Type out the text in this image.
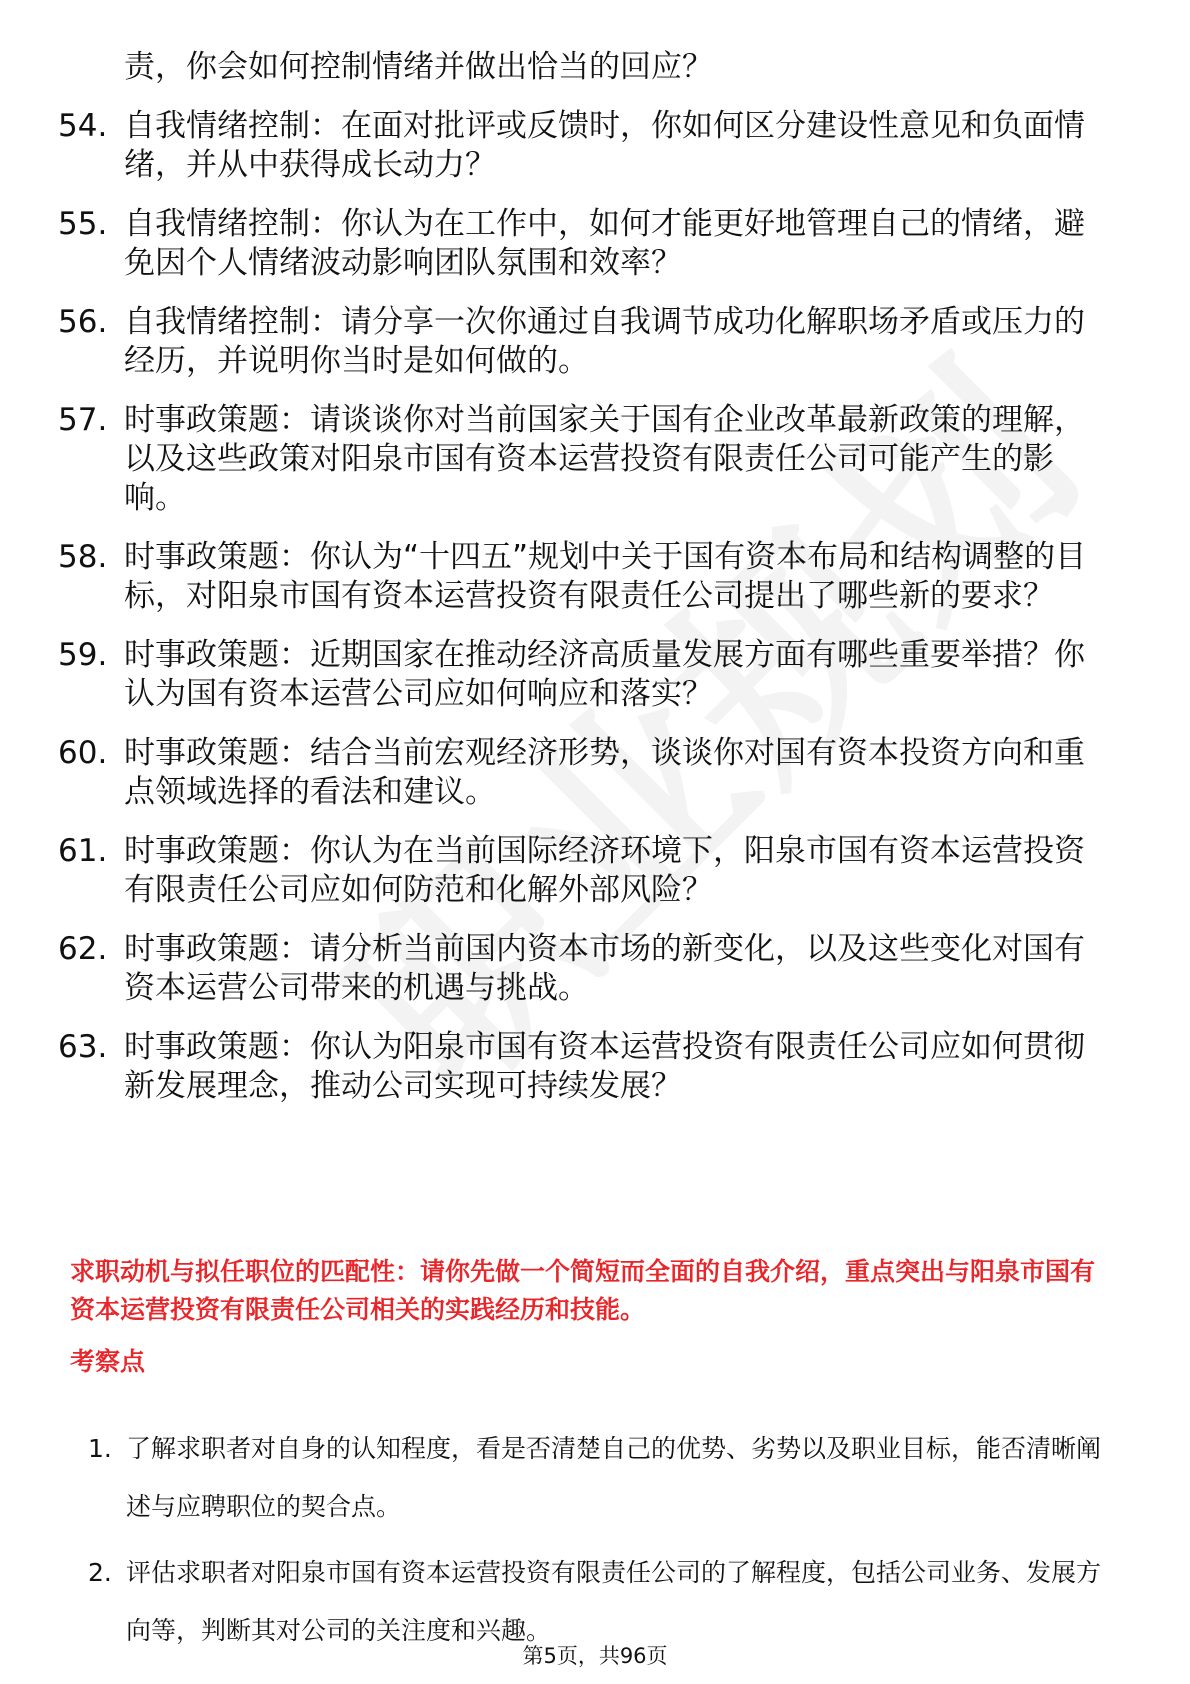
责，你会如何控制情绪并做出恰当的回应？
54. 自我情绪控制：在面对批评或反馈时，你如何区分建设性意见和负面情绪，并从中获得成长动力？
55. 自我情绪控制：你认为在工作中，如何才能更好地管理自己的情绪，避免因个人情绪波动影响团队氛围和效率？
56. 自我情绪控制：请分享一次你通过自我调节成功化解职场矛盾或压力的经历，并说明你当时是如何做的。
57. 时事政策题：请谈谈你对当前国家关于国有企业改革最新政策的理解，以及这些政策对阳泉市国有资本运营投资有限责任公司可能产生的影响。
58. 时事政策题：你认为“十四五”规划中关于国有资本布局和结构调整的目标，对阳泉市国有资本运营投资有限责任公司提出了哪些新的要求？
59. 时事政策题：近期国家在推动经济高质量发展方面有哪些重要举措？你认为国有资本运营公司应如何响应和落实？
60. 时事政策题：结合当前宏观经济形势，谈谈你对国有资本投资方向和重点领域选择的看法和建议。
61. 时事政策题：你认为在当前国际经济环境下，阳泉市国有资本运营投资有限责任公司应如何防范和化解外部风险？
62. 时事政策题：请分析当前国内资本市场的新变化，以及这些变化对国有资本运营公司带来的机遇与挑战。
63. 时事政策题：你认为阳泉市国有资本运营投资有限责任公司应如何贯彻新发展理念，推动公司实现可持续发展？
求职动机与拟任职位的匹配性：请你先做一个简短而全面的自我介绍，重点突出与阳泉市国有资本运营投资有限责任公司相关的实践经历和技能。
考察点
1. 了解求职者对自身的认知程度，看是否清楚自己的优势、劣势以及职业目标，能否清晰阐述与应聘职位的契合点。
2. 评估求职者对阳泉市国有资本运营投资有限责任公司的了解程度，包括公司业务、发展方向等，判断其对公司的关注度和兴趣。
第5页，共96页
